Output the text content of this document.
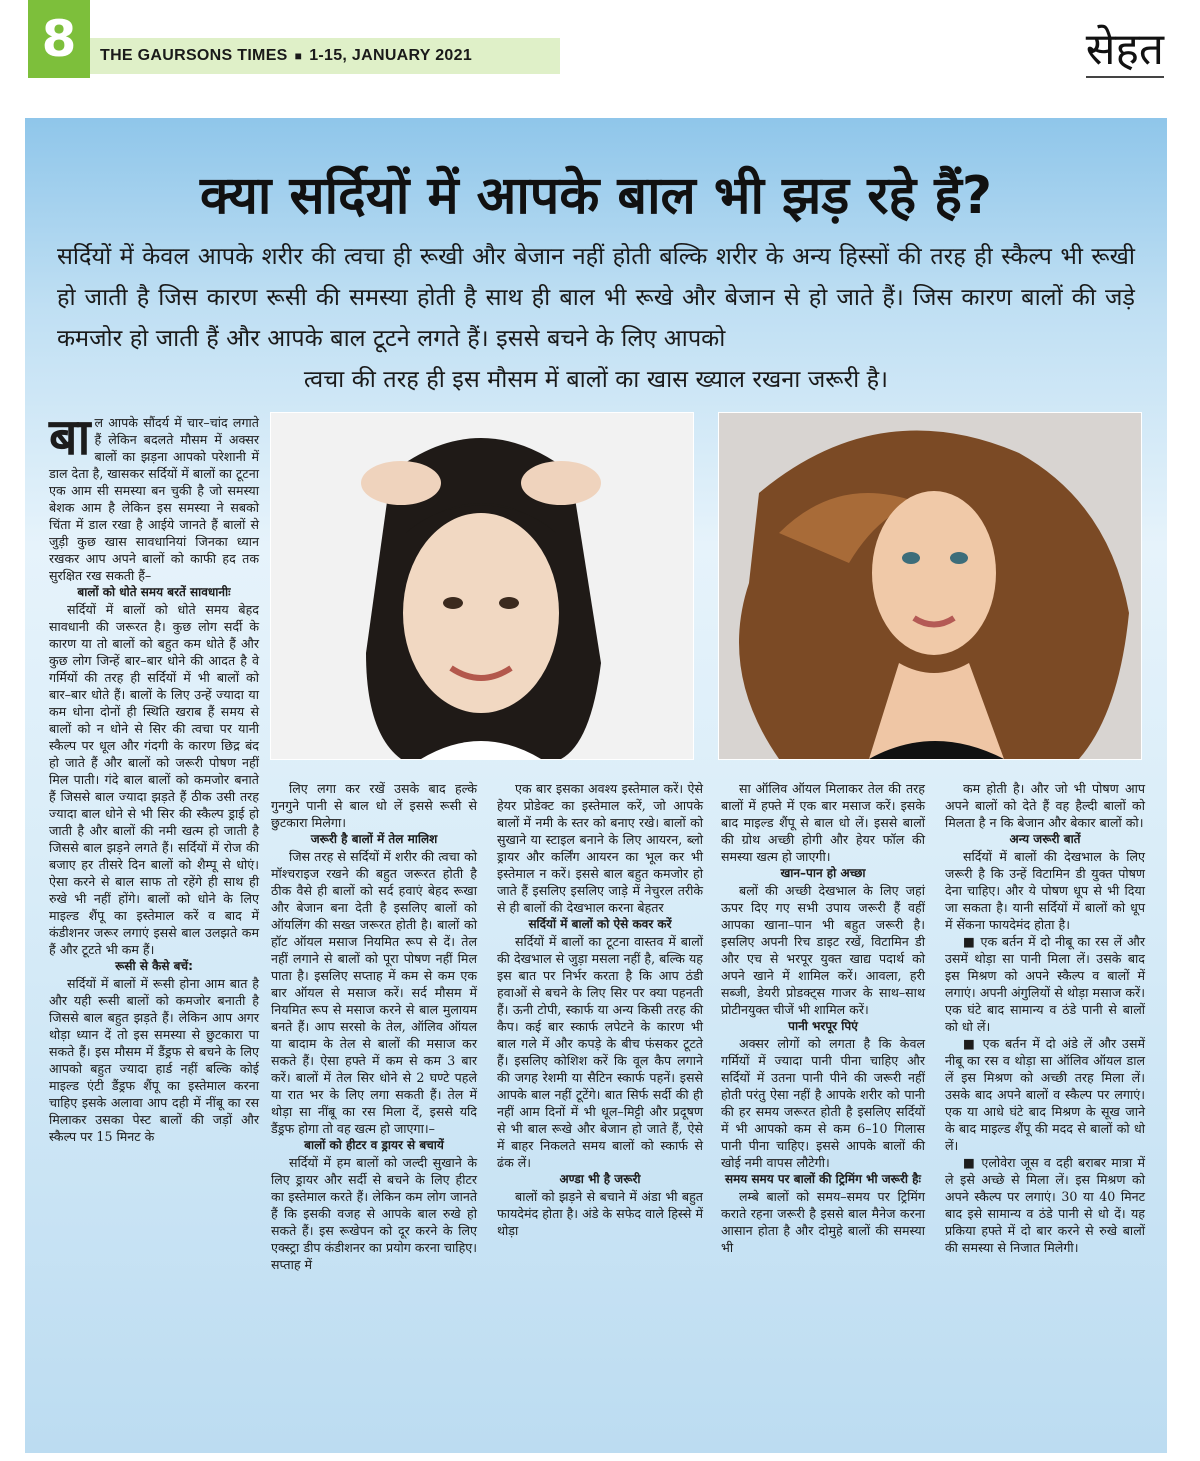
8	THE GAURSONS TIMES ■ 1-15, JANUARY 2021	सेहत
क्या सर्दियों में आपके बाल भी झड़ रहे हैं?
सर्दियों में केवल आपके शरीर की त्वचा ही रूखी और बेजान नहीं होती बल्कि शरीर के अन्य हिस्सों की तरह ही स्कैल्प भी रूखी हो जाती है जिस कारण रूसी की समस्या होती है साथ ही बाल भी रूखे और बेजान से हो जाते हैं। जिस कारण बालों की जड़े कमजोर हो जाती हैं और आपके बाल टूटने लगते हैं। इससे बचने के लिए आपको
त्वचा की तरह ही इस मौसम में बालों का खास ख्याल रखना जरूरी है।

बाल आपके सौंदर्य में चार–चांद लगाते हैं लेकिन बदलते मौसम में अक्सर बालों का झड़ना आपको परेशानी में डाल देता है, खासकर सर्दियों में बालों का टूटना एक आम सी समस्या बन चुकी है जो समस्या बेशक आम है लेकिन इस समस्या ने सबको चिंता में डाल रखा है आईये जानते हैं बालों से जुड़ी कुछ खास सावधानियां जिनका ध्यान रखकर आप अपने बालों को काफी हद तक सुरक्षित रख सकती हैं–

बालों को धोते समय बरतें सावधानीः

सर्दियों में बालों को धोते समय बेहद सावधानी की जरूरत है। कुछ लोग सर्दी के कारण या तो बालों को बहुत कम धोते हैं और कुछ लोग जिन्हें बार–बार धोने की आदत है वे गर्मियों की तरह ही सर्दियों में भी बालों को बार–बार धोते हैं। बालों के लिए उन्हें ज्यादा या कम धोना दोनों ही स्थिति खराब हैं समय से बालों को न धोने से सिर की त्वचा पर यानी स्कैल्प पर धूल और गंदगी के कारण छिद्र बंद हो जाते हैं और बालों को जरूरी पोषण नहीं मिल पाती। गंदे बाल बालों को कमजोर बनाते हैं जिससे बाल ज्यादा झड़ते हैं ठीक उसी तरह ज्यादा बाल धोने से भी सिर की स्कैल्प ड्राई हो जाती है और बालों की नमी खत्म हो जाती है जिससे बाल झड़ने लगते हैं। सर्दियों में रोज की बजाए हर तीसरे दिन बालों को शैम्पू से धोएं। ऐसा करने से बाल साफ तो रहेंगे ही साथ ही रुखे भी नहीं होंगे। बालों को धोने के लिए माइल्ड शैंपू का इस्तेमाल करें व बाद में कंडीशनर जरूर लगाएं इससे बाल उलझते कम हैं और टूटते भी कम हैं।

रूसी से कैसे बचें:

सर्दियों में बालों में रूसी होना आम बात है और यही रूसी बालों को कमजोर बनाती है जिससे बाल बहुत झड़ते हैं। लेकिन आप अगर थोड़ा ध्यान दें तो इस समस्या से छुटकारा पा सकते हैं। इस मौसम में डैंड्रफ से बचने के लिए आपको बहुत ज्यादा हार्ड नहीं बल्कि कोई माइल्ड एंटी डैंड्रफ शैंपू का इस्तेमाल करना चाहिए इसके अलावा आप दही में नींबू का रस मिलाकर उसका पेस्ट बालों की जड़ों और स्कैल्प पर 15 मिनट के

लिए लगा कर रखें उसके बाद हल्के गुनगुने पानी से बाल धो लें इससे रूसी से छुटकारा मिलेगा।

जरूरी है बालों में तेल मालिश

जिस तरह से सर्दियों में शरीर की त्वचा को मॉश्चराइज रखने की बहुत जरूरत होती है ठीक वैसे ही बालों को सर्द हवाएं बेहद रूखा और बेजान बना देती है इसलिए बालों को ऑयलिंग की सख्त जरूरत होती है। बालों को हॉट ऑयल मसाज नियमित रूप से दें। तेल नहीं लगाने से बालों को पूरा पोषण नहीं मिल पाता है। इसलिए सप्ताह में कम से कम एक बार ऑयल से मसाज करें। सर्द मौसम में नियमित रूप से मसाज करने से बाल मुलायम बनते हैं। आप सरसो के तेल, ऑलिव ऑयल या बादाम के तेल से बालों की मसाज कर सकते हैं। ऐसा हफ्ते में कम से कम 3 बार करें। बालों में तेल सिर धोने से 2 घण्टे पहले या रात भर के लिए लगा सकती हैं। तेल में थोड़ा सा नींबू का रस मिला दें, इससे यदि डैंड्रफ होगा तो वह खत्म हो जाएगा।–

बालों को हीटर व ड्रायर से बचायें

सर्दियों में हम बालों को जल्दी सुखाने के लिए ड्रायर और सर्दी से बचने के लिए हीटर का इस्तेमाल करते हैं। लेकिन कम लोग जानते हैं कि इसकी वजह से आपके बाल रुखे हो सकते हैं। इस रूखेपन को दूर करने के लिए एक्स्ट्रा डीप कंडीशनर का प्रयोग करना चाहिए। सप्ताह में

एक बार इसका अवश्य इस्तेमाल करें। ऐसे हेयर प्रोडेक्ट का इस्तेमाल करें, जो आपके बालों में नमी के स्तर को बनाए रखे। बालों को सुखाने या स्टाइल बनाने के लिए आयरन, ब्लो ड्रायर और कर्लिंग आयरन का भूल कर भी इस्तेमाल न करें। इससे बाल बहुत कमजोर हो जाते हैं इसलिए इसलिए जाड़े में नेचुरल तरीके से ही बालों की देखभाल करना बेहतर

सर्दियों में बालों को ऐसे कवर करें

सर्दियों में बालों का टूटना वास्तव में बालों की देखभाल से जुड़ा मसला नहीं है, बल्कि यह इस बात पर निर्भर करता है कि आप ठंडी हवाओं से बचने के लिए सिर पर क्या पहनती हैं। ऊनी टोपी, स्कार्फ या अन्य किसी तरह की कैप। कई बार स्कार्फ लपेटने के कारण भी बाल गले में और कपड़े के बीच फंसकर टूटते हैं। इसलिए कोशिश करें कि वूल कैप लगाने की जगह रेशमी या सैटिन स्कार्फ पहनें। इससे आपके बाल नहीं टूटेंगे। बात सिर्फ सर्दी की ही नहीं आम दिनों में भी धूल–मिट्टी और प्रदूषण से भी बाल रूखे और बेजान हो जाते हैं, ऐसे में बाहर निकलते समय बालों को स्कार्फ से ढंक लें।

अण्डा भी है जरूरी

बालों को झड़ने से बचाने में अंडा भी बहुत फायदेमंद होता है। अंडे के सफेद वाले हिस्से में थोड़ा

सा ऑलिव ऑयल मिलाकर तेल की तरह बालों में हफ्ते में एक बार मसाज करें। इसके बाद माइल्ड शैंपू से बाल धो लें। इससे बालों की ग्रोथ अच्छी होगी और हेयर फॉल की समस्या खत्म हो जाएगी।

खान–पान हो अच्छा

बलों की अच्छी देखभाल के लिए जहां ऊपर दिए गए सभी उपाय जरूरी हैं वहीं आपका खाना–पान भी बहुत जरूरी है। इसलिए अपनी रिच डाइट रखें, विटामिन डी और एच से भरपूर युक्त खाद्य पदार्थ को अपने खाने में शामिल करें। आवला, हरी सब्जी, डेयरी प्रोडक्ट्स गाजर के साथ–साथ प्रोटीनयुक्त चीजें भी शामिल करें।

पानी भरपूर पिएं

अक्सर लोगों को लगता है कि केवल गर्मियों में ज्यादा पानी पीना चाहिए और सर्दियों में उतना पानी पीने की जरूरी नहीं होती परंतु ऐसा नहीं है आपके शरीर को पानी की हर समय जरूरत होती है इसलिए सर्दियों में भी आपको कम से कम 6–10 गिलास पानी पीना चाहिए। इससे आपके बालों की खोई नमी वापस लौटेगी।

समय समय पर बालों की ट्रिमिंग भी जरूरी हैः

लम्बे बालों को समय–समय पर ट्रिमिंग कराते रहना जरूरी है इससे बाल मैनेज करना आसान होता है और दोमुहे बालों की समस्या भी

कम होती है। और जो भी पोषण आप अपने बालों को देते हैं वह हैल्दी बालों को मिलता है न कि बेजान और बेकार बालों को।

अन्य जरूरी बातें

सर्दियों में बालों की देखभाल के लिए जरूरी है कि उन्हें विटामिन डी युक्त पोषण देना चाहिए। और ये पोषण धूप से भी दिया जा सकता है। यानी सर्दियों में बालों को धूप में सेंकना फायदेमंद होता है।

■ एक बर्तन में दो नीबू का रस लें और उसमें थोड़ा सा पानी मिला लें। उसके बाद इस मिश्रण को अपने स्कैल्प व बालों में लगाएं। अपनी अंगुलियों से थोड़ा मसाज करें। एक घंटे बाद सामान्य व ठंडे पानी से बालों को धो लें।

■ एक बर्तन में दो अंडे लें और उसमें नीबू का रस व थोड़ा सा ऑलिव ऑयल डाल लें इस मिश्रण को अच्छी तरह मिला लें। उसके बाद अपने बालों व स्कैल्प पर लगाएं। एक या आधे घंटे बाद मिश्रण के सूख जाने के बाद माइल्ड शैंपू की मदद से बालों को धो लें।

■ एलोवेरा जूस व दही बराबर मात्रा में ले इसे अच्छे से मिला लें। इस मिश्रण को अपने स्कैल्प पर लगाएं। 30 या 40 मिनट बाद इसे सामान्य व ठंडे पानी से धो दें। यह प्रकिया हफ्ते में दो बार करने से रुखे बालों की समस्या से निजात मिलेगी।
